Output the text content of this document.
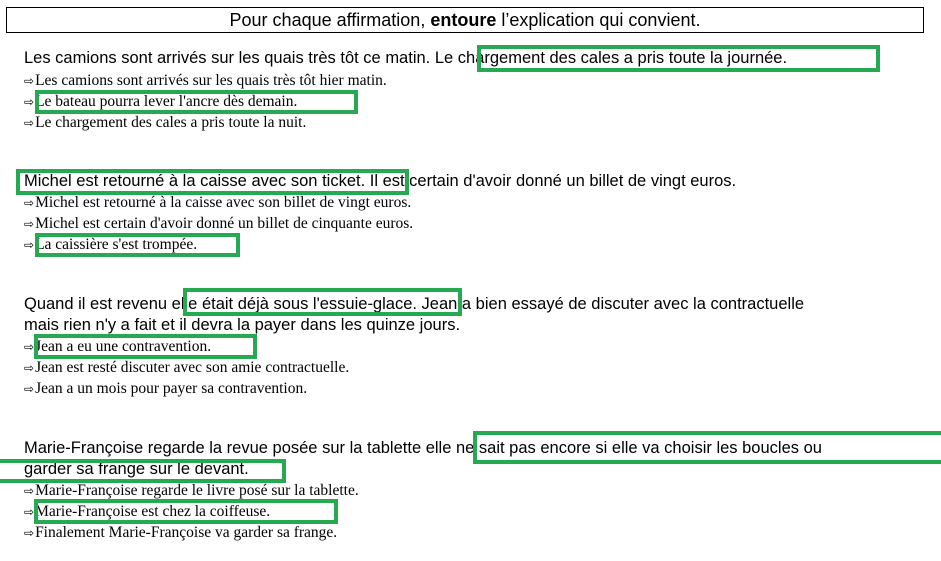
Pour chaque affirmation, entoure l’explication qui convient.
Les camions sont arrivés sur les quais très tôt ce matin. Le chargement des cales a pris toute la journée.
⇨Les camions sont arrivés sur les quais très tôt hier matin.
⇨Le bateau pourra lever l'ancre dès demain.
⇨Le chargement des cales a pris toute la nuit.
Michel est retourné à la caisse avec son ticket. Il est certain d'avoir donné un billet de vingt euros.
⇨Michel est retourné à la caisse avec son billet de vingt euros.
⇨Michel est certain d'avoir donné un billet de cinquante euros.
⇨La caissière s'est trompée.
Quand il est revenu elle était déjà sous l'essuie-glace. Jean a bien essayé de discuter avec la contractuelle
mais rien n'y a fait et il devra la payer dans les quinze jours.
⇨Jean a eu une contravention.
⇨Jean est resté discuter avec son amie contractuelle.
⇨Jean a un mois pour payer sa contravention.
Marie-Françoise regarde la revue posée sur la tablette elle ne sait pas encore si elle va choisir les boucles ou
garder sa frange sur le devant.
⇨Marie-Françoise regarde le livre posé sur la tablette.
⇨Marie-Françoise est chez la coiffeuse.
⇨Finalement Marie-Françoise va garder sa frange.
